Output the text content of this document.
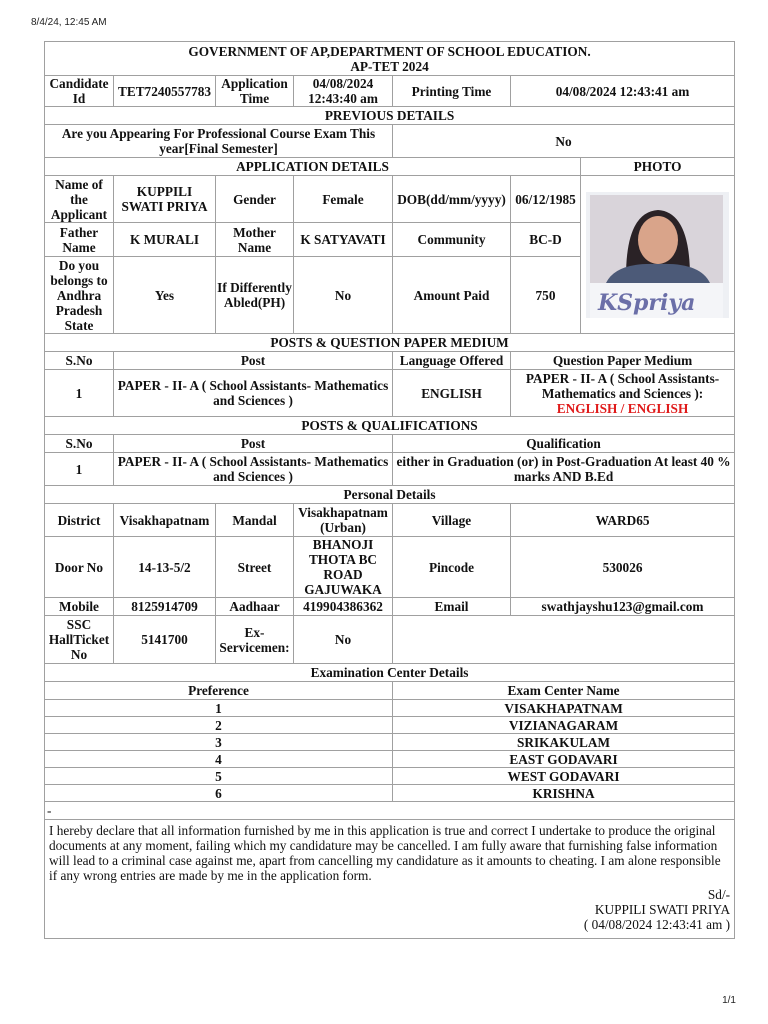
8/4/24, 12:45 AM
GOVERNMENT OF AP,DEPARTMENT OF SCHOOL EDUCATION.
AP-TET 2024						

Candidate Id	TET7240557783	Application Time	04/08/2024 12:43:40 am	Printing Time	04/08/2024 12:43:41 am	
PREVIOUS DETAILS						
Are you Appearing For Professional Course Exam This year[Final Semester]				No		
APPLICATION DETAILS						PHOTO
Name of the Applicant	KUPPILI SWATI PRIYA	Gender	Female	DOB(dd/mm/yyyy)	06/12/1985	KSpriya

Father Name	K MURALI	Mother Name	K SATYAVATI	Community	BC-D	
Do you belongs to Andhra Pradesh State	Yes	If Differently Abled(PH)	No	Amount Paid	750	
POSTS & QUESTION PAPER MEDIUM						
S.No	Post			Language Offered	Question Paper Medium	
1	PAPER - II- A ( School Assistants- Mathematics and Sciences )			ENGLISH	PAPER - II- A ( School Assistants- Mathematics and Sciences ):
ENGLISH / ENGLISH	

POSTS & QUALIFICATIONS						
S.No	Post			Qualification		
1	PAPER - II- A ( School Assistants- Mathematics and Sciences )			either in Graduation (or) in Post-Graduation At least 40 % marks AND B.Ed		
Personal Details						
District	Visakhapatnam	Mandal	Visakhapatnam (Urban)	Village	WARD65	
Door No	14-13-5/2	Street	BHANOJI THOTA BC ROAD GAJUWAKA	Pincode	530026	
Mobile	8125914709	Aadhaar	419904386362	Email	swathjayshu123@gmail.com	
SSC HallTicket No	5141700	Ex-Servicemen:	No			
Examination Center Details						
Preference				Exam Center Name		
1				VISAKHAPATNAM		
2				VIZIANAGARAM		
3				SRIKAKULAM		
4				EAST GODAVARI		
5				WEST GODAVARI		
6				KRISHNA		
-						

I hereby declare that all information furnished by me in this application is true and correct I undertake to produce the original documents at any moment, failing which my candidature may be cancelled. I am fully aware that furnishing false information will lead to a criminal case against me, apart from cancelling my candidature as it amounts to cheating. I am alone responsible if any wrong entries are made by me in the application form.
Sd/-
KUPPILI SWATI PRIYA
( 04/08/2024 12:43:41 am )						
1/1
